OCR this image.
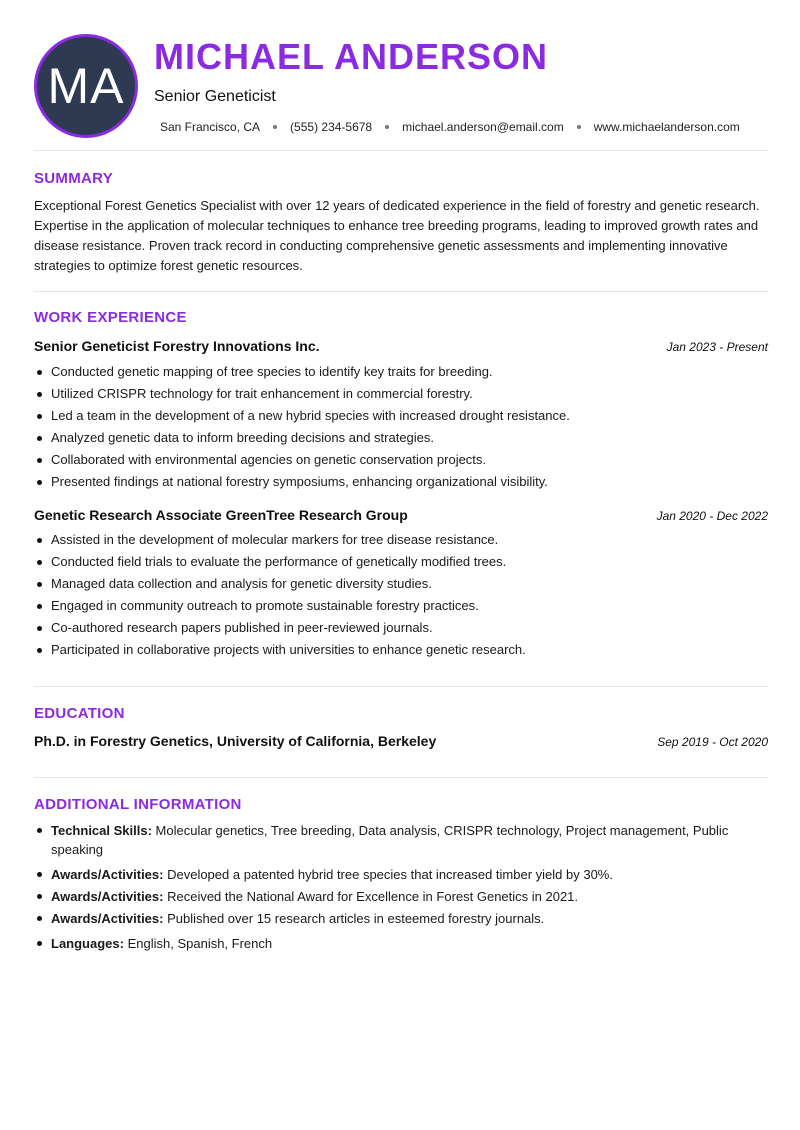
MA
MICHAEL ANDERSON
Senior Geneticist
San Francisco, CA	(555) 234-5678	michael.anderson@email.com	www.michaelanderson.com
SUMMARY

Exceptional Forest Genetics Specialist with over 12 years of dedicated experience in the field of forestry and genetic research. Expertise in the application of molecular techniques to enhance tree breeding programs, leading to improved growth rates and disease resistance. Proven track record in conducting comprehensive genetic assessments and implementing innovative strategies to optimize forest genetic resources.

WORK EXPERIENCE
Senior Geneticist Forestry Innovations Inc.	Jan 2023 - Present
Conducted genetic mapping of tree species to identify key traits for breeding.
Utilized CRISPR technology for trait enhancement in commercial forestry.
Led a team in the development of a new hybrid species with increased drought resistance.
Analyzed genetic data to inform breeding decisions and strategies.
Collaborated with environmental agencies on genetic conservation projects.
Presented findings at national forestry symposiums, enhancing organizational visibility.
Genetic Research Associate GreenTree Research Group	Jan 2020 - Dec 2022
Assisted in the development of molecular markers for tree disease resistance.
Conducted field trials to evaluate the performance of genetically modified trees.
Managed data collection and analysis for genetic diversity studies.
Engaged in community outreach to promote sustainable forestry practices.
Co-authored research papers published in peer-reviewed journals.
Participated in collaborative projects with universities to enhance genetic research.
EDUCATION
Ph.D. in Forestry Genetics, University of California, Berkeley	Sep 2019 - Oct 2020
ADDITIONAL INFORMATION
Technical Skills: Molecular genetics, Tree breeding, Data analysis, CRISPR technology, Project management, Public speaking
Awards/Activities: Developed a patented hybrid tree species that increased timber yield by 30%.
Awards/Activities: Received the National Award for Excellence in Forest Genetics in 2021.
Awards/Activities: Published over 15 research articles in esteemed forestry journals.
Languages: English, Spanish, French
